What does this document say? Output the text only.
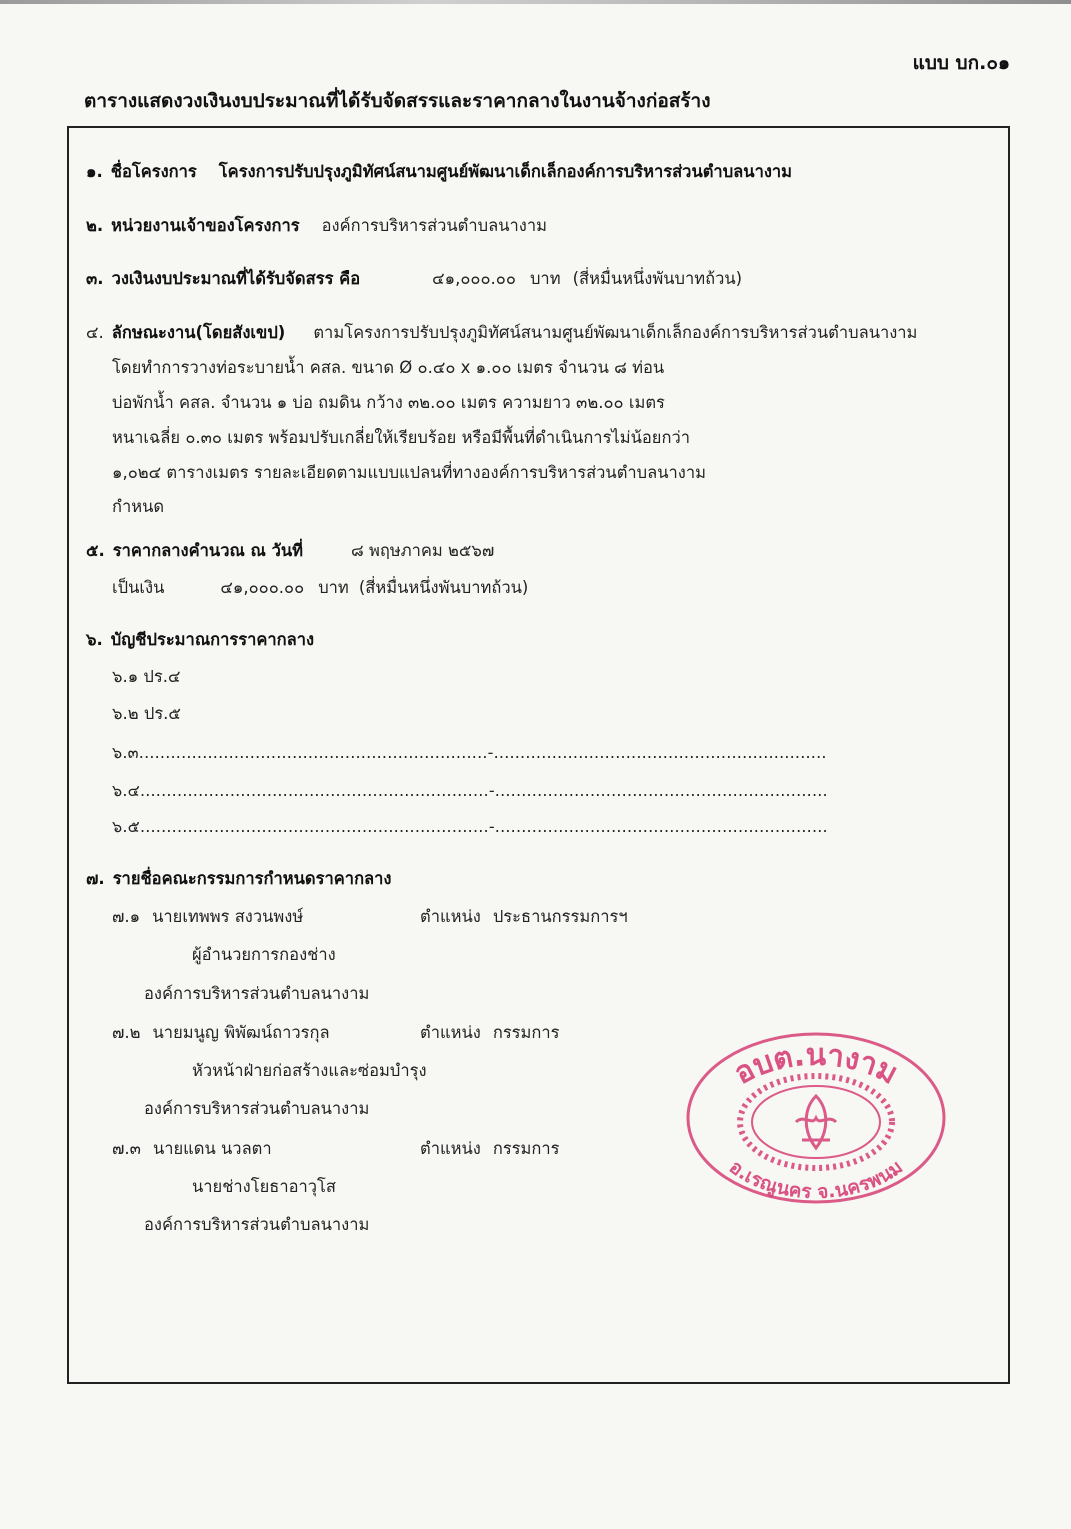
แบบ บก.๐๑
ตารางแสดงวงเงินงบประมาณที่ได้รับจัดสรรและราคากลางในงานจ้างก่อสร้าง
๑. ชื่อโครงการ โครงการปรับปรุงภูมิทัศน์สนามศูนย์พัฒนาเด็กเล็กองค์การบริหารส่วนตำบลนางาม
๒. หน่วยงานเจ้าของโครงการ องค์การบริหารส่วนตำบลนางาม
๓. วงเงินงบประมาณที่ได้รับจัดสรร คือ	๔๑,๐๐๐.๐๐ บาท (สี่หมื่นหนึ่งพันบาทถ้วน)
๔. ลักษณะงาน(โดยสังเขป) ตามโครงการปรับปรุงภูมิทัศน์สนามศูนย์พัฒนาเด็กเล็กองค์การบริหารส่วนตำบลนางาม
โดยทำการวางท่อระบายน้ำ คสล. ขนาด Ø ๐.๔๐ x ๑.๐๐ เมตร จำนวน ๘ ท่อน
บ่อพักน้ำ คสล. จำนวน ๑ บ่อ ถมดิน กว้าง ๓๒.๐๐ เมตร ความยาว ๓๒.๐๐ เมตร
หนาเฉลี่ย ๐.๓๐ เมตร พร้อมปรับเกลี่ยให้เรียบร้อย หรือมีพื้นที่ดำเนินการไม่น้อยกว่า
๑,๐๒๔ ตารางเมตร รายละเอียดตามแบบแปลนที่ทางองค์การบริหารส่วนตำบลนางาม
กำหนด
๕. ราคากลางคำนวณ ณ วันที่	๘ พฤษภาคม ๒๕๖๗
เป็นเงิน	๔๑,๐๐๐.๐๐ บาท (สี่หมื่นหนึ่งพันบาทถ้วน)
๖. บัญชีประมาณการราคากลาง
๖.๑ ปร.๔
๖.๒ ปร.๕
๖.๓..................................................................-...............................................................
๖.๔..................................................................-...............................................................
๖.๕..................................................................-...............................................................
๗. รายชื่อคณะกรรมการกำหนดราคากลาง
๗.๑ นายเทพพร สงวนพงษ์	ตำแหน่ง ประธานกรรมการฯ
ผู้อำนวยการกองช่าง
องค์การบริหารส่วนตำบลนางาม
๗.๒ นายมนูญ พิพัฒน์ถาวรกุล	ตำแหน่ง กรรมการ
หัวหน้าฝ่ายก่อสร้างและซ่อมบำรุง
องค์การบริหารส่วนตำบลนางาม
๗.๓ นายแดน นวลตา	ตำแหน่ง กรรมการ
นายช่างโยธาอาวุโส
องค์การบริหารส่วนตำบลนางาม
อบต.นางาม
อ.เรณูนคร จ.นครพนม
